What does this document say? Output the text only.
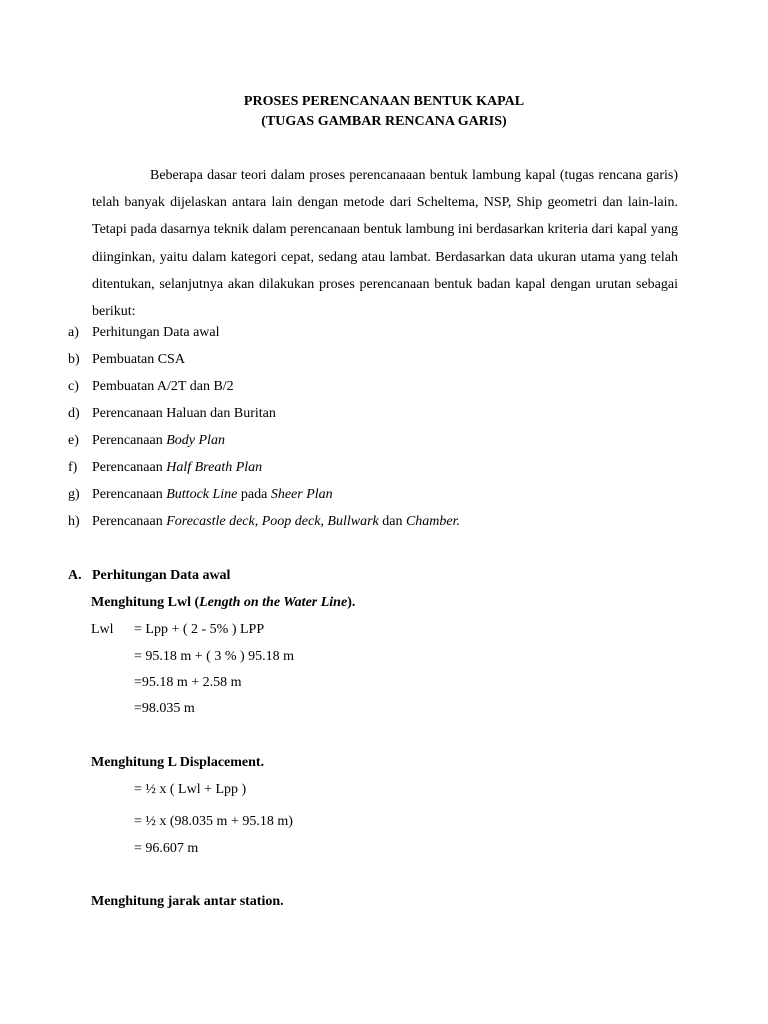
PROSES PERENCANAAN BENTUK KAPAL
(TUGAS GAMBAR RENCANA GARIS)

Beberapa dasar teori dalam proses perencanaaan bentuk lambung kapal (tugas rencana garis) telah banyak dijelaskan antara lain dengan metode dari Scheltema, NSP, Ship geometri dan lain-lain. Tetapi pada dasarnya teknik dalam perencanaan bentuk lambung ini berdasarkan kriteria dari kapal yang diinginkan, yaitu dalam kategori cepat, sedang atau lambat. Berdasarkan data ukuran utama yang telah ditentukan, selanjutnya akan dilakukan proses perencanaan bentuk badan kapal dengan urutan sebagai berikut:

a) Perhitungan Data awal
b) Pembuatan CSA
c) Pembuatan A/2T dan B/2
d) Perencanaan Haluan dan Buritan
e) Perencanaan Body Plan
f) Perencanaan Half Breath Plan
g) Perencanaan Buttock Line pada Sheer Plan
h) Perencanaan Forecastle deck, Poop deck, Bullwark dan Chamber.
A. Perhitungan Data awal
Menghitung Lwl (Length on the Water Line).
Lwl = Lpp + ( 2 - 5% ) LPP
= 95.18 m + ( 3 % ) 95.18 m
=95.18 m + 2.58 m
=98.035 m
Menghitung L Displacement.
= ½ x ( Lwl + Lpp )
= ½ x (98.035 m + 95.18 m)
= 96.607 m
Menghitung jarak antar station.
